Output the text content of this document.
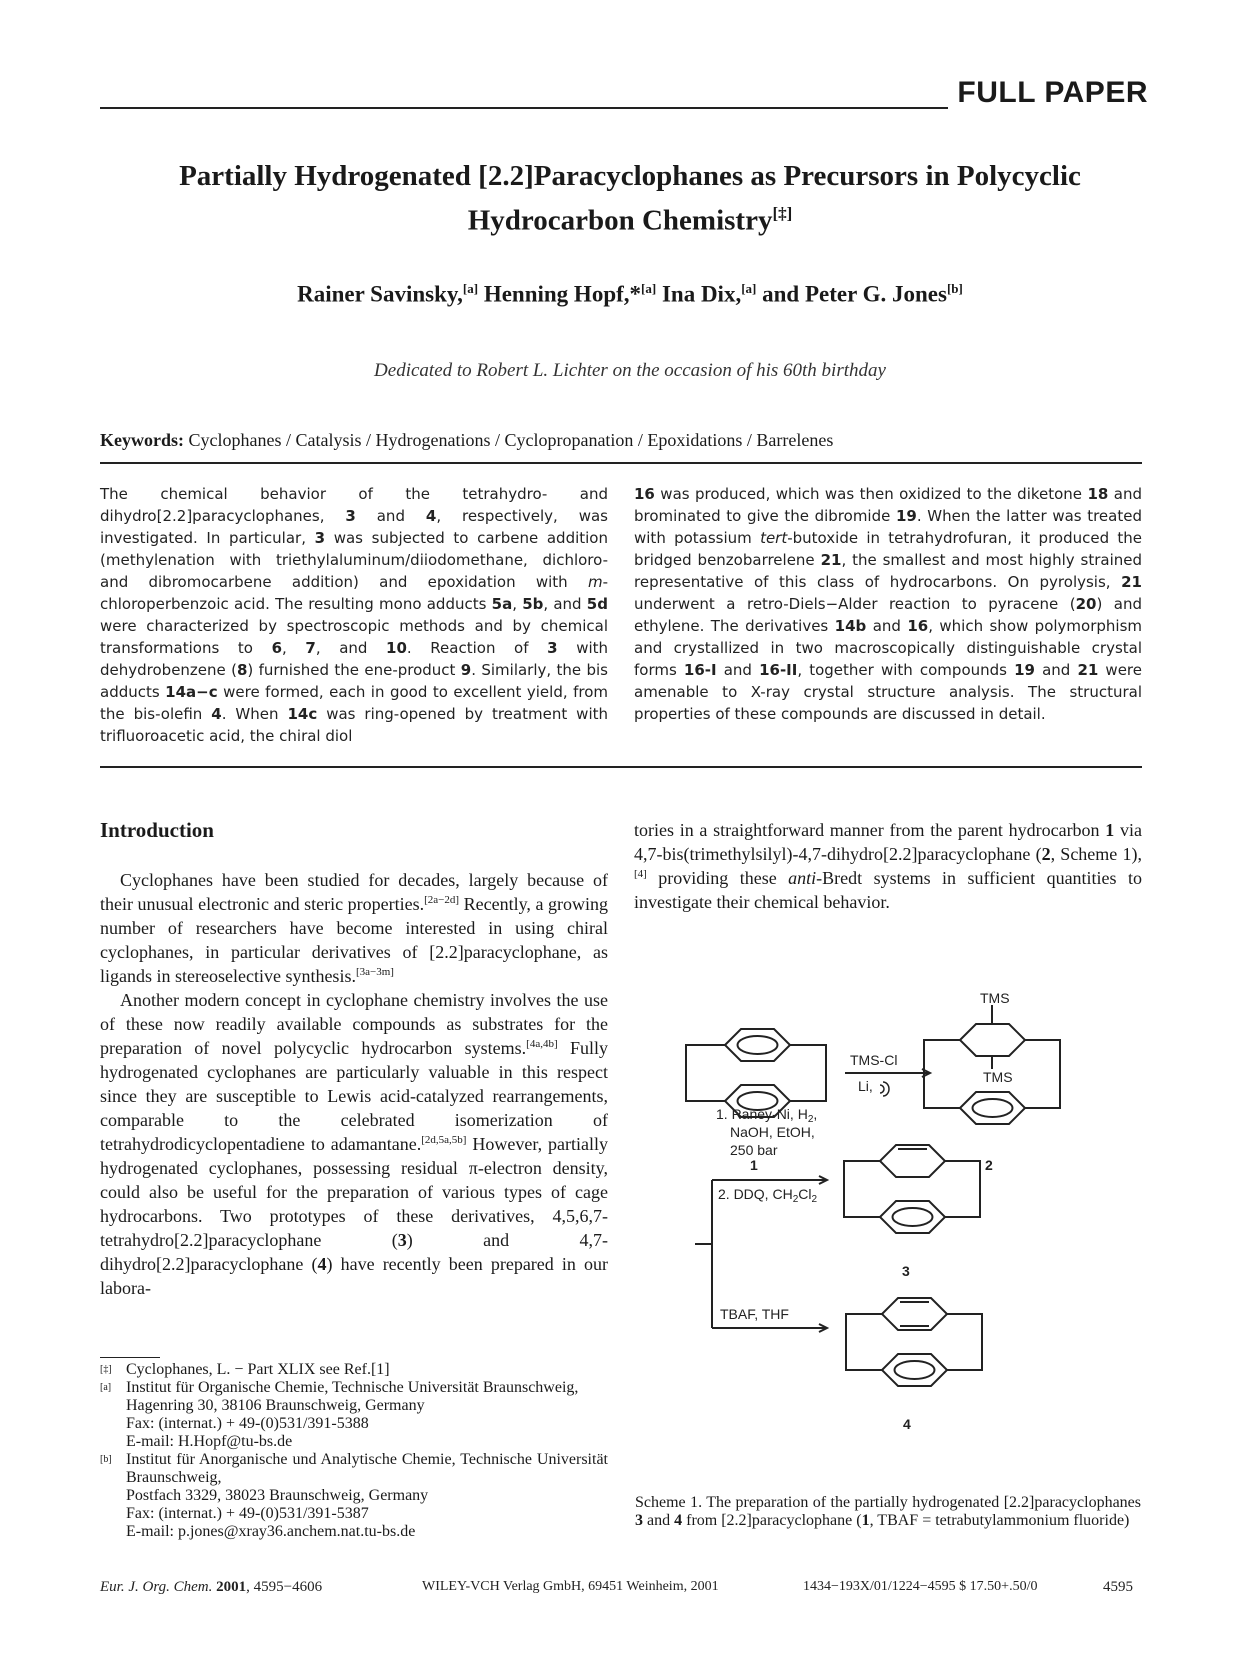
FULL PAPER
Partially Hydrogenated [2.2]Paracyclophanes as Precursors in Polycyclic Hydrocarbon Chemistry[‡]
Rainer Savinsky,[a] Henning Hopf,*[a] Ina Dix,[a] and Peter G. Jones[b]
Dedicated to Robert L. Lichter on the occasion of his 60th birthday
Keywords: Cyclophanes / Catalysis / Hydrogenations / Cyclopropanation / Epoxidations / Barrelenes
The chemical behavior of the tetrahydro- and dihydro[2.2]paracyclophanes, 3 and 4, respectively, was investigated. In particular, 3 was subjected to carbene addition (methylenation with triethylaluminum/diiodomethane, dichloro- and dibromocarbene addition) and epoxidation with m-chloroperbenzoic acid. The resulting mono adducts 5a, 5b, and 5d were characterized by spectroscopic methods and by chemical transformations to 6, 7, and 10. Reaction of 3 with dehydrobenzene (8) furnished the ene-product 9. Similarly, the bis adducts 14a−c were formed, each in good to excellent yield, from the bis-olefin 4. When 14c was ring-opened by treatment with trifluoroacetic acid, the chiral diol
16 was produced, which was then oxidized to the diketone 18 and brominated to give the dibromide 19. When the latter was treated with potassium tert-butoxide in tetrahydrofuran, it produced the bridged benzobarrelene 21, the smallest and most highly strained representative of this class of hydrocarbons. On pyrolysis, 21 underwent a retro-Diels−Alder reaction to pyracene (20) and ethylene. The derivatives 14b and 16, which show polymorphism and crystallized in two macroscopically distinguishable crystal forms 16-I and 16-II, together with compounds 19 and 21 were amenable to X-ray crystal structure analysis. The structural properties of these compounds are discussed in detail.
Introduction

Cyclophanes have been studied for decades, largely because of their unusual electronic and steric properties.[2a−2d] Recently, a growing number of researchers have become interested in using chiral cyclophanes, in particular derivatives of [2.2]paracyclophane, as ligands in stereoselective synthesis.[3a−3m]

Another modern concept in cyclophane chemistry involves the use of these now readily available compounds as substrates for the preparation of novel polycyclic hydrocarbon systems.[4a,4b] Fully hydrogenated cyclophanes are particularly valuable in this respect since they are susceptible to Lewis acid-catalyzed rearrangements, comparable to the celebrated isomerization of tetrahydrodicyclopentadiene to adamantane.[2d,5a,5b] However, partially hydrogenated cyclophanes, possessing residual π-electron density, could also be useful for the preparation of various types of cage hydrocarbons. Two prototypes of these derivatives, 4,5,6,7-tetrahydro[2.2]paracyclophane (3) and 4,7-dihydro[2.2]paracyclophane (4) have recently been prepared in our labora-

tories in a straightforward manner from the parent hydrocarbon 1 via 4,7-bis(trimethylsilyl)-4,7-dihydro[2.2]paracyclophane (2, Scheme 1),[4] providing these anti-Bredt systems in sufficient quantities to investigate their chemical behavior.

[‡] Cyclophanes, L. − Part XLIX see Ref.[1]
[a] Institut für Organische Chemie, Technische Universität Braunschweig,
Hagenring 30, 38106 Braunschweig, Germany
Fax: (internat.) + 49-(0)531/391-5388
E-mail: H.Hopf@tu-bs.de
[b] Institut für Anorganische und Analytische Chemie, Technische Universität Braunschweig,
Postfach 3329, 38023 Braunschweig, Germany
Fax: (internat.) + 49-(0)531/391-5387
E-mail: p.jones@xray36.anchem.nat.tu-bs.de
1
TMS-Cl
Li,
TMS
TMS
2
1. Raney-Ni, $H_2$,
NaOH, EtOH,
250 bar
2. DDQ, $CH_2Cl_2$
3
TBAF, THF
4
Scheme 1. The preparation of the partially hydrogenated [2.2]paracyclophanes 3 and 4 from [2.2]paracyclophane (1, TBAF = tetrabutylammonium fluoride)
Eur. J. Org. Chem. 2001, 4595−4606	WILEY-VCH Verlag GmbH, 69451 Weinheim, 2001	1434−193X/01/1224−4595 $ 17.50+.50/0	4595
